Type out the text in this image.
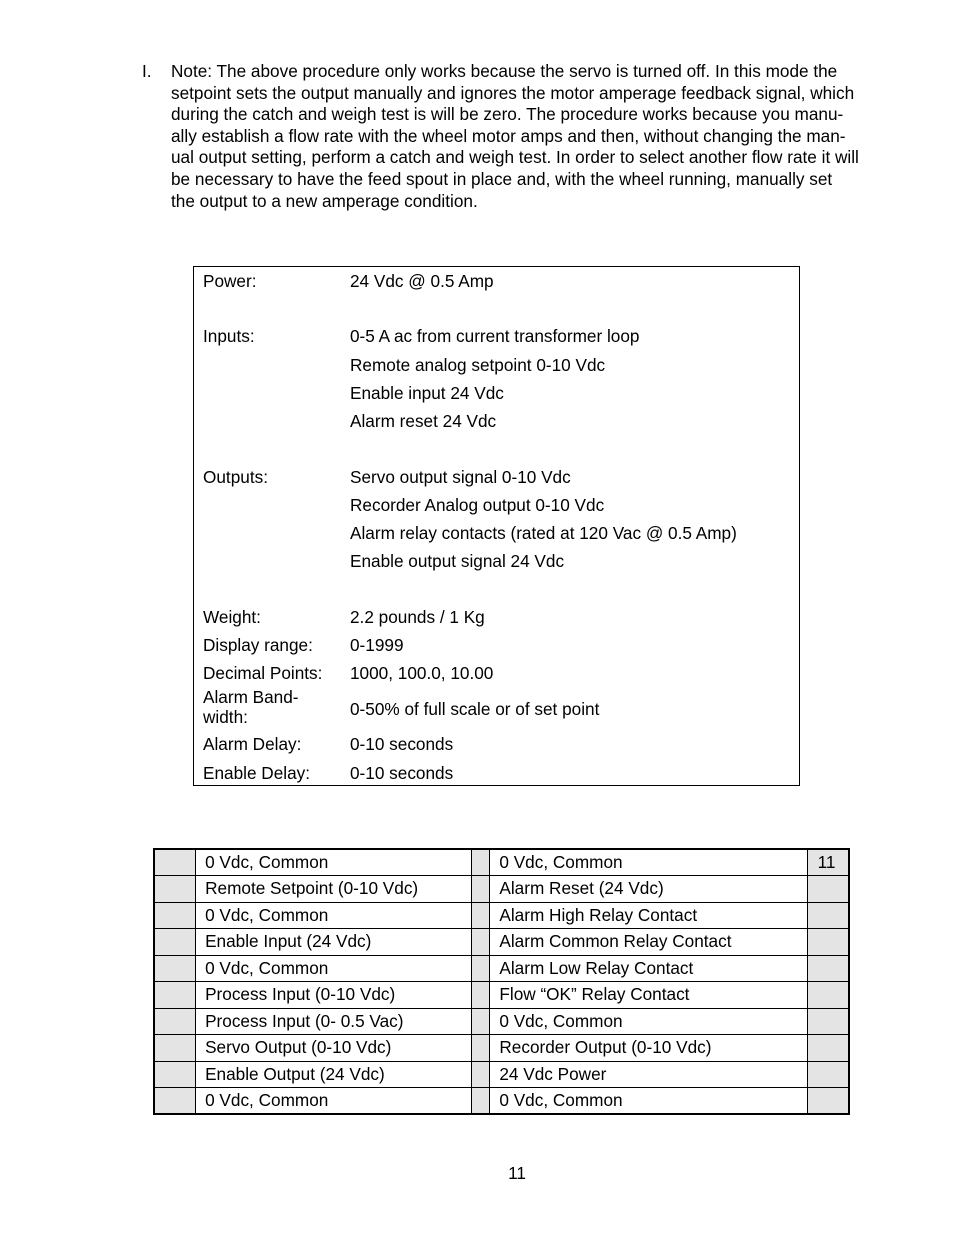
I.	Note: The above procedure only works because the servo is turned off. In this mode the
setpoint sets the output manually and ignores the motor amperage feedback signal, which
during the catch and weigh test is will be zero. The procedure works because you manu-
ally establish a flow rate with the wheel motor amps and then, without changing the man-
ual output setting, perform a catch and weigh test. In order to select another flow rate it will
be necessary to have the feed spout in place and, with the wheel running, manually set
the output to a new amperage condition.
Power:	24 Vdc @ 0.5 Amp
Inputs:	0-5 A ac from current transformer loop
Remote analog setpoint 0-10 Vdc
Enable input 24 Vdc
Alarm reset 24 Vdc
Outputs:	Servo output signal 0-10 Vdc
Recorder Analog output 0-10 Vdc
Alarm relay contacts (rated at 120 Vac @ 0.5 Amp)
Enable output signal 24 Vdc
Weight:	2.2 pounds / 1 Kg
Display range:	0-1999
Decimal Points:	1000, 100.0, 10.00
Alarm Band-width:	0-50% of full scale or of set point
Alarm Delay:	0-10 seconds
Enable Delay:	0-10 seconds
	0 Vdc, Common		0 Vdc, Common	11
	Remote Setpoint (0-10 Vdc)		Alarm Reset (24 Vdc)	
	0 Vdc, Common		Alarm High Relay Contact	
	Enable Input (24 Vdc)		Alarm Common Relay Contact	
	0 Vdc, Common		Alarm Low Relay Contact	
	Process Input (0-10 Vdc)		Flow “OK” Relay Contact	
	Process Input (0- 0.5 Vac)		0 Vdc, Common	
	Servo Output (0-10 Vdc)		Recorder Output (0-10 Vdc)	
	Enable Output (24 Vdc)		24 Vdc Power	
	0 Vdc, Common		0 Vdc, Common	
11
